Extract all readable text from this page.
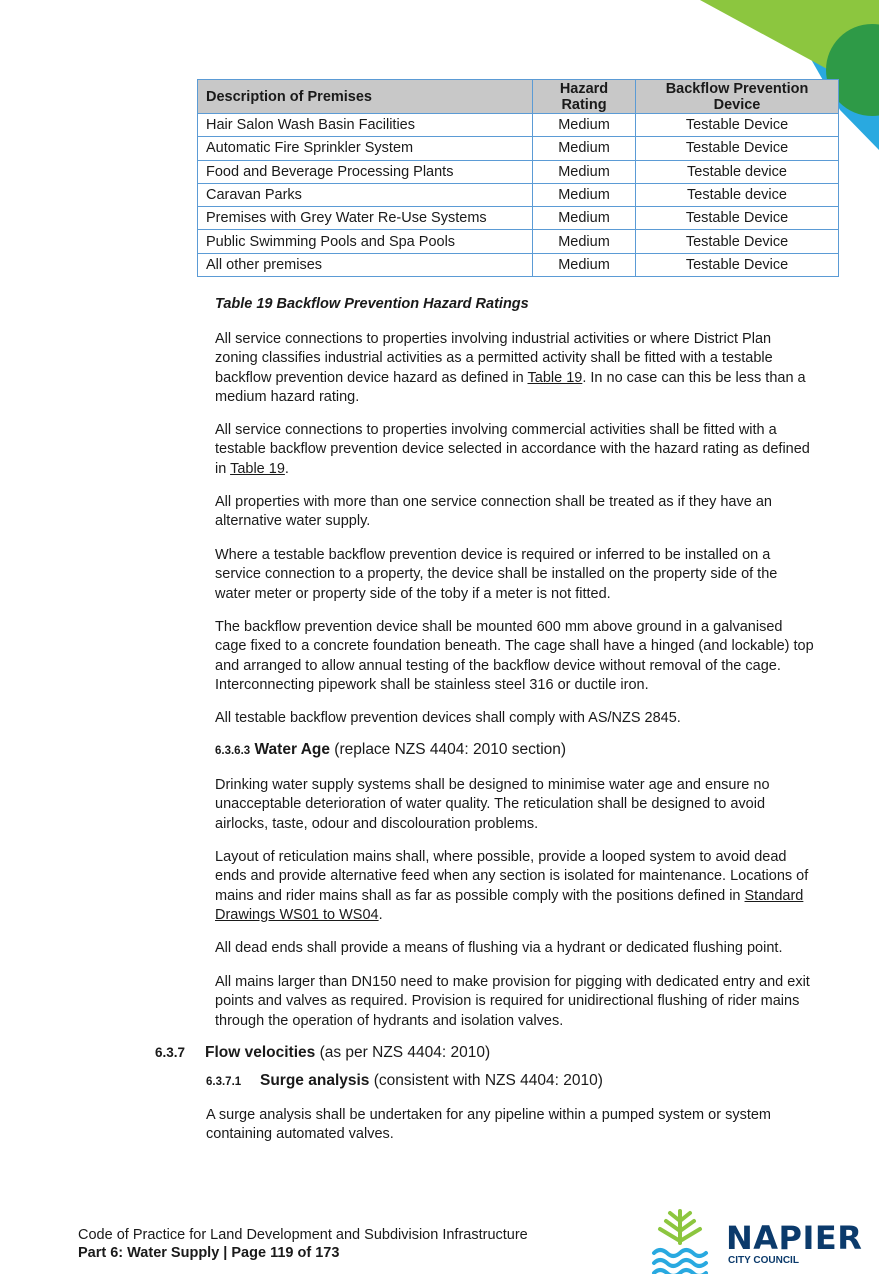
Description of Premises	Hazard Rating	Backflow Prevention Device
Hair Salon Wash Basin Facilities	Medium	Testable Device
Automatic Fire Sprinkler System	Medium	Testable Device
Food and Beverage Processing Plants	Medium	Testable device
Caravan Parks	Medium	Testable device
Premises with Grey Water Re-Use Systems	Medium	Testable Device
Public Swimming Pools and Spa Pools	Medium	Testable Device
All other premises	Medium	Testable Device
Table 19 Backflow Prevention Hazard Ratings

All service connections to properties involving industrial activities or where District Plan zoning classifies industrial activities as a permitted activity shall be fitted with a testable backflow prevention device hazard as defined in Table 19. In no case can this be less than a medium hazard rating.

All service connections to properties involving commercial activities shall be fitted with a testable backflow prevention device selected in accordance with the hazard rating as defined in Table 19.

All properties with more than one service connection shall be treated as if they have an alternative water supply.

Where a testable backflow prevention device is required or inferred to be installed on a service connection to a property, the device shall be installed on the property side of the water meter or property side of the toby if a meter is not fitted.

The backflow prevention device shall be mounted 600 mm above ground in a galvanised cage fixed to a concrete foundation beneath. The cage shall have a hinged (and lockable) top and arranged to allow annual testing of the backflow device without removal of the cage. Interconnecting pipework shall be stainless steel 316 or ductile iron.

All testable backflow prevention devices shall comply with AS/NZS 2845.

6.3.6.3 Water Age (replace NZS 4404: 2010 section)

Drinking water supply systems shall be designed to minimise water age and ensure no unacceptable deterioration of water quality. The reticulation shall be designed to avoid airlocks, taste, odour and discolouration problems.

Layout of reticulation mains shall, where possible, provide a looped system to avoid dead ends and provide alternative feed when any section is isolated for maintenance. Locations of mains and rider mains shall as far as possible comply with the positions defined in Standard Drawings WS01 to WS04.

All dead ends shall provide a means of flushing via a hydrant or dedicated flushing point.

All mains larger than DN150 need to make provision for pigging with dedicated entry and exit points and valves as required. Provision is required for unidirectional flushing of rider mains through the operation of hydrants and isolation valves.

6.3.7 Flow velocities (as per NZS 4404: 2010)
6.3.7.1 Surge analysis (consistent with NZS 4404: 2010)

A surge analysis shall be undertaken for any pipeline within a pumped system or system containing automated valves.

Code of Practice for Land Development and Subdivision Infrastructure
Part 6: Water Supply | Page 119 of 173	NAPIER
CITY COUNCIL
